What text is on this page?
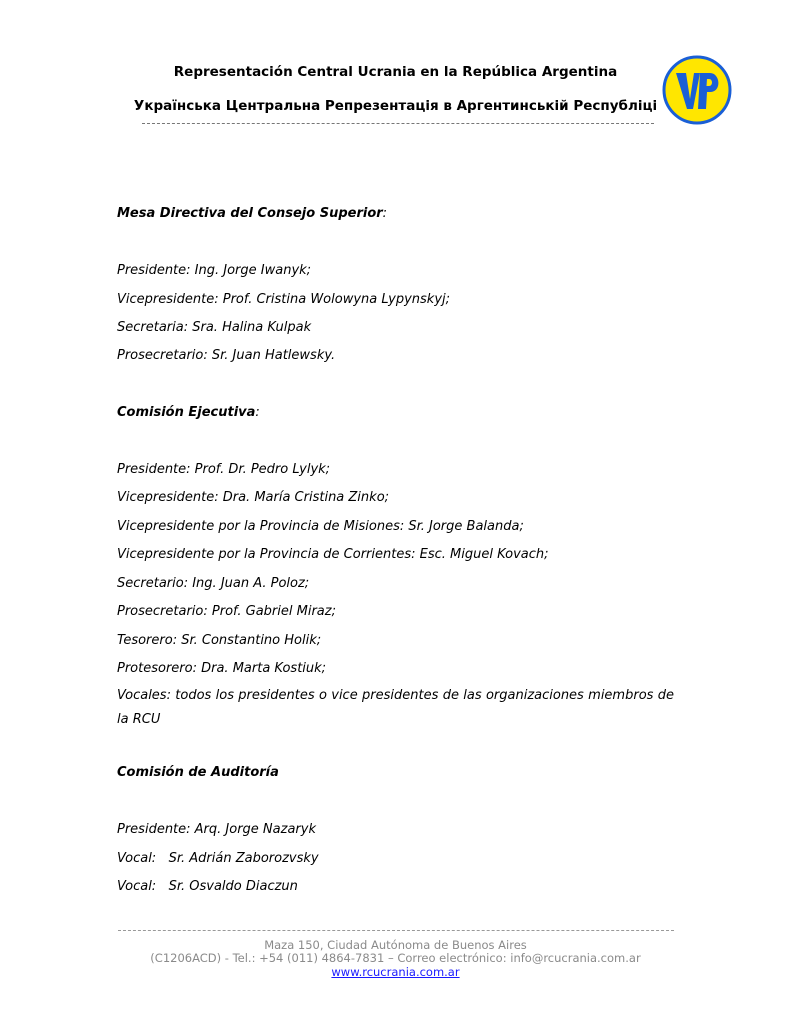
Representación Central Ucrania en la República Argentina
Українська Центральна Репрезентація в Аргентинській Республіці
Mesa Directiva del Consejo Superior:
Presidente: Ing. Jorge Iwanyk;
Vicepresidente: Prof. Cristina Wolowyna Lypynskyj;
Secretaria: Sra. Halina Kulpak
Prosecretario: Sr. Juan Hatlewsky.
Comisión Ejecutiva:
Presidente: Prof. Dr. Pedro Lylyk;
Vicepresidente: Dra. María Cristina Zinko;
Vicepresidente por la Provincia de Misiones: Sr. Jorge Balanda;
Vicepresidente por la Provincia de Corrientes: Esc. Miguel Kovach;
Secretario: Ing. Juan A. Poloz;
Prosecretario: Prof. Gabriel Miraz;
Tesorero: Sr. Constantino Holik;
Protesorero: Dra. Marta Kostiuk;
Vocales: todos los presidentes o vice presidentes de las organizaciones miembros de la RCU
Comisión de Auditoría
Presidente: Arq. Jorge Nazaryk
Vocal:   Sr. Adrián Zaborozvsky
Vocal:   Sr. Osvaldo Diaczun
Maza 150, Ciudad Autónoma de Buenos Aires
(C1206ACD) - Tel.: +54 (011) 4864-7831 – Correo electrónico: info@rcucrania.com.ar
www.rcucrania.com.ar
